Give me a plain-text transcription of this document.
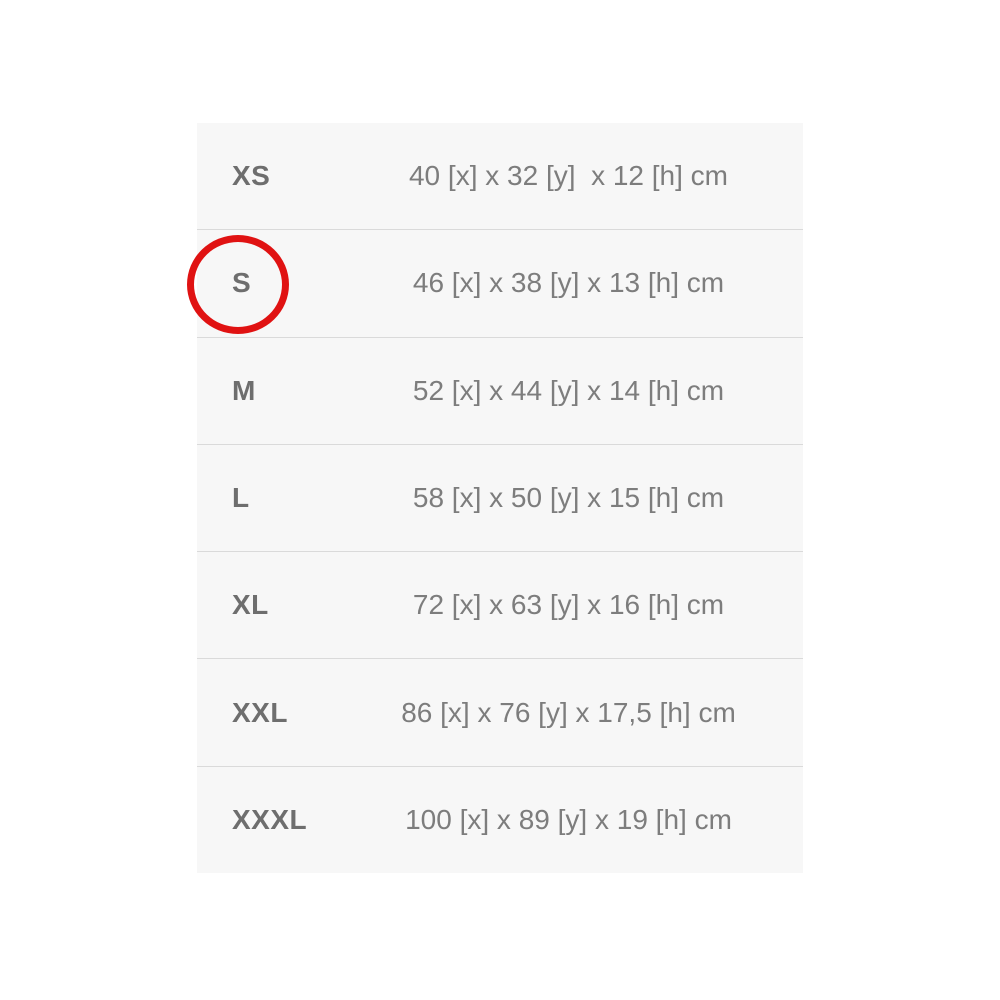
XS	40 [x] x 32 [y]  x 12 [h] cm
S	46 [x] x 38 [y] x 13 [h] cm
M	52 [x] x 44 [y] x 14 [h] cm
L	58 [x] x 50 [y] x 15 [h] cm
XL	72 [x] x 63 [y] x 16 [h] cm
XXL	86 [x] x 76 [y] x 17,5 [h] cm
XXXL	100 [x] x 89 [y] x 19 [h] cm
